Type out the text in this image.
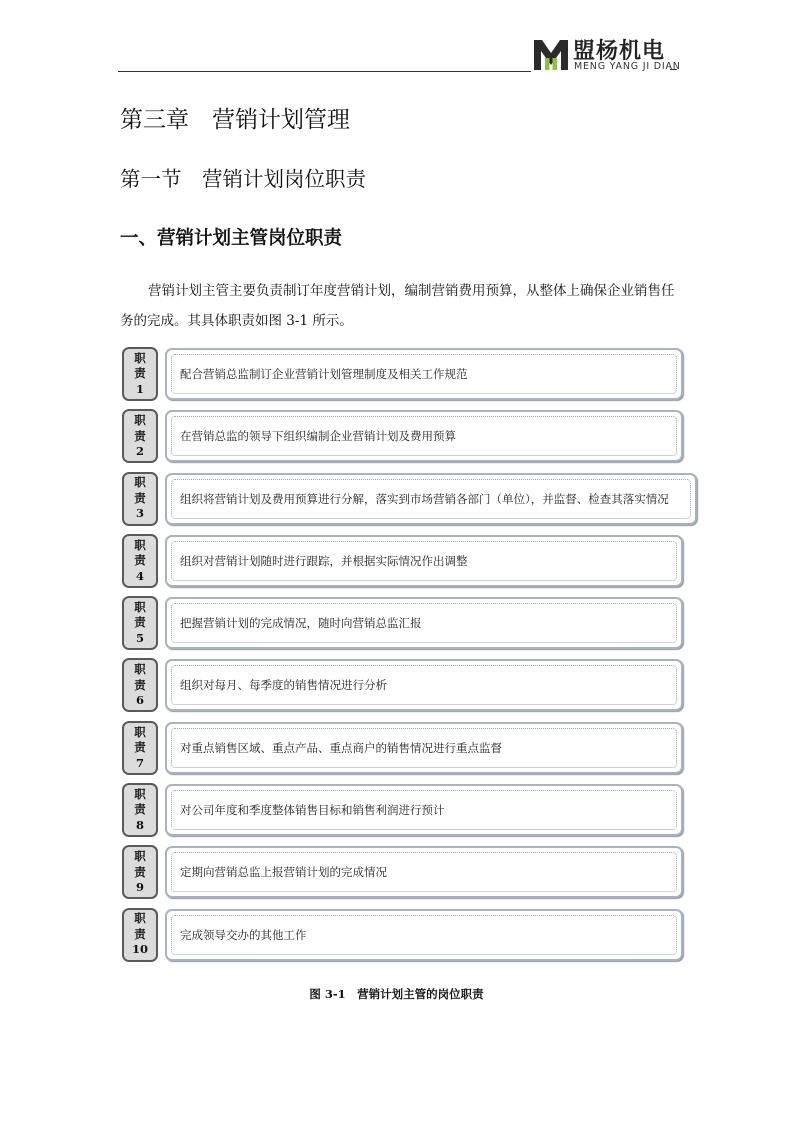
盟杨机电
MENG YANG JI DIAN
第三章　营销计划管理
第一节　营销计划岗位职责
一、营销计划主管岗位职责

营销计划主管主要负责制订年度营销计划，编制营销费用预算，从整体上确保企业销售任务的完成。其具体职责如图 3-1 所示。

职
责
1
配合营销总监制订企业营销计划管理制度及相关工作规范
职
责
2
在营销总监的领导下组织编制企业营销计划及费用预算
职
责
3
组织将营销计划及费用预算进行分解，落实到市场营销各部门（单位），并监督、检查其落实情况
职
责
4
组织对营销计划随时进行跟踪，并根据实际情况作出调整
职
责
5
把握营销计划的完成情况，随时向营销总监汇报
职
责
6
组织对每月、每季度的销售情况进行分析
职
责
7
对重点销售区域、重点产品、重点商户的销售情况进行重点监督
职
责
8
对公司年度和季度整体销售目标和销售利润进行预计
职
责
9
定期向营销总监上报营销计划的完成情况
职
责
10
完成领导交办的其他工作
图 3-1　营销计划主管的岗位职责
